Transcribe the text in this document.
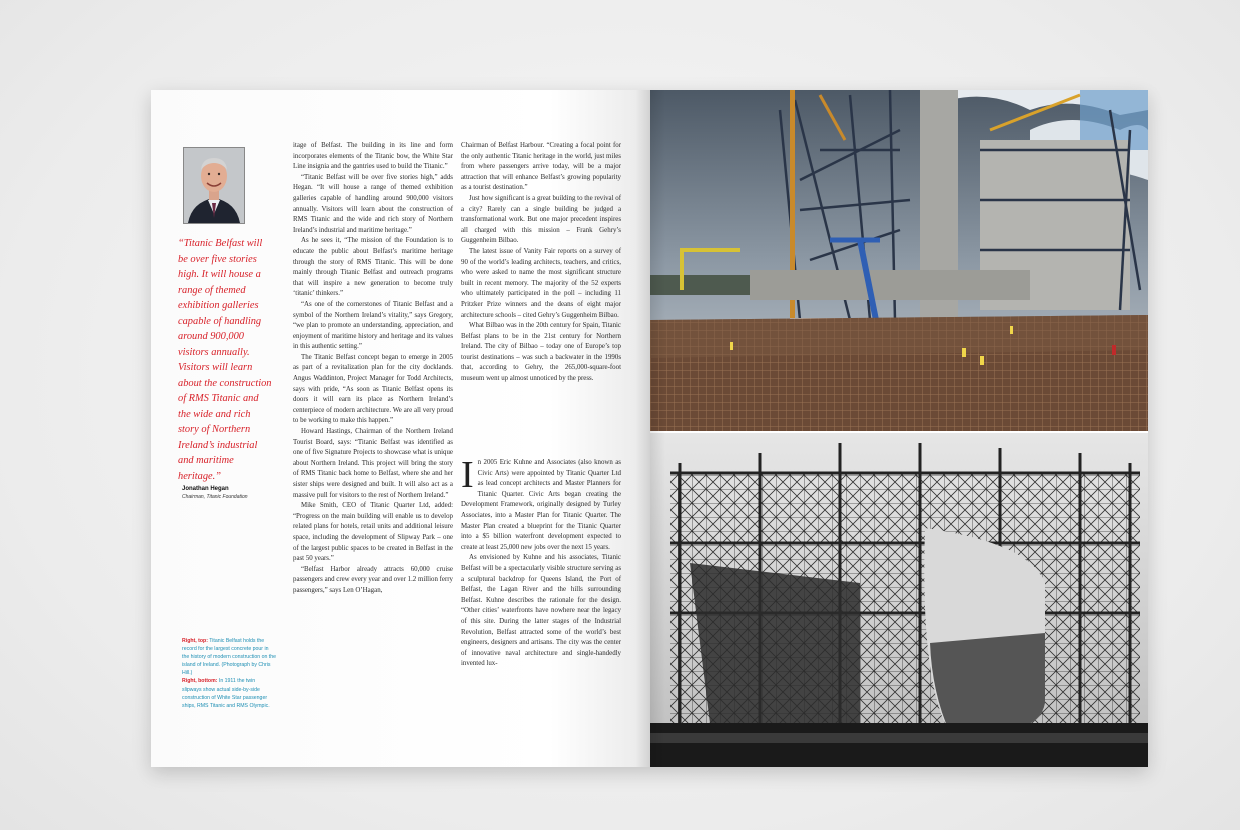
“Titanic Belfast will be over five stories high. It will house a range of themed exhibition galleries capable of handling around 900,000 visitors annually. Visitors will learn about the construction of RMS Titanic and the wide and rich story of Northern Ireland’s industrial and maritime heritage.”

Jonathan Hegan
Chairman, Titanic Foundation

Right, top: Titanic Belfast holds the record for the largest concrete pour in the history of modern construction on the island of Ireland. (Photograph by Chris Hill.)

Right, bottom: In 1911 the twin slipways show actual side-by-side construction of White Star passenger ships, RMS Titanic and RMS Olympic.

itage of Belfast. The building in its line and form incorporates elements of the Titanic bow, the White Star Line insignia and the gantries used to build the Titanic.”

“Titanic Belfast will be over five stories high,” adds Hegan. “It will house a range of themed exhibition galleries capable of handling around 900,000 visitors annually. Visitors will learn about the construction of RMS Titanic and the wide and rich story of Northern Ireland’s industrial and maritime heritage.”

As he sees it, “The mission of the Foundation is to educate the public about Belfast’s maritime heritage through the story of RMS Titanic. This will be done mainly through Titanic Belfast and outreach programs that will inspire a new generation to become truly ‘titanic’ thinkers.”

“As one of the cornerstones of Titanic Belfast and a symbol of the Northern Ireland’s vitality,” says Gregory, “we plan to promote an understanding, appreciation, and enjoyment of maritime history and heritage and its values in this authentic setting.”

The Titanic Belfast concept began to emerge in 2005 as part of a revitalization plan for the city docklands. Angus Waddinton, Project Manager for Todd Architects, says with pride, “As soon as Titanic Belfast opens its doors it will earn its place as Northern Ireland’s centerpiece of modern architecture. We are all very proud to be working to make this happen.”

Howard Hastings, Chairman of the Northern Ireland Tourist Board, says: “Titanic Belfast was identified as one of five Signature Projects to showcase what is unique about Northern Ireland. This project will bring the story of RMS Titanic back home to Belfast, where she and her sister ships were designed and built. It will also act as a massive pull for visitors to the rest of Northern Ireland.”

Mike Smith, CEO of Titanic Quarter Ltd, added: “Progress on the main building will enable us to develop related plans for hotels, retail units and additional leisure space, including the development of Slipway Park – one of the largest public spaces to be created in Belfast in the past 50 years.”

“Belfast Harbor already attracts 60,000 cruise passengers and crew every year and over 1.2 million ferry passengers,” says Len O’Hagan,

Chairman of Belfast Harbour. “Creating a focal point for the only authentic Titanic heritage in the world, just miles from where passengers arrive today, will be a major attraction that will enhance Belfast’s growing popularity as a tourist destination.”

Just how significant is a great building to the revival of a city? Rarely can a single building be judged a transformational work. But one major precedent inspires all charged with this mission – Frank Gehry’s Guggenheim Bilbao.

The latest issue of Vanity Fair reports on a survey of 90 of the world’s leading architects, teachers, and critics, who were asked to name the most significant structure built in recent memory. The majority of the 52 experts who ultimately participated in the poll – including 11 Pritzker Prize winners and the deans of eight major architecture schools – cited Gehry’s Guggenheim Bilbao.

What Bilbao was in the 20th century for Spain, Titanic Belfast plans to be in the 21st century for Northern Ireland. The city of Bilbao – today one of Europe’s top tourist destinations – was such a backwater in the 1990s that, according to Gehry, the 265,000-square-foot museum went up almost unnoticed by the press.

I n 2005 Eric Kuhne and Associates (also known as Civic Arts) were appointed by Titanic Quarter Ltd as lead concept architects and Master Planners for Titanic Quarter. Civic Arts began creating the Development Framework, originally designed by Turley Associates, into a Master Plan for Titanic Quarter. The Master Plan created a blueprint for the Titanic Quarter into a $5 billion waterfront development expected to create at least 25,000 new jobs over the next 15 years.

As envisioned by Kuhne and his associates, Titanic Belfast will be a spectacularly visible structure serving as a sculptural backdrop for Queens Island, the Port of Belfast, the Lagan River and the hills surrounding Belfast. Kuhne describes the rationale for the design. “Other cities’ waterfronts have nowhere near the legacy of this site. During the latter stages of the Industrial Revolution, Belfast attracted some of the world’s best engineers, designers and artisans. The city was the center of innovative naval architecture and single-handedly invented lux-
